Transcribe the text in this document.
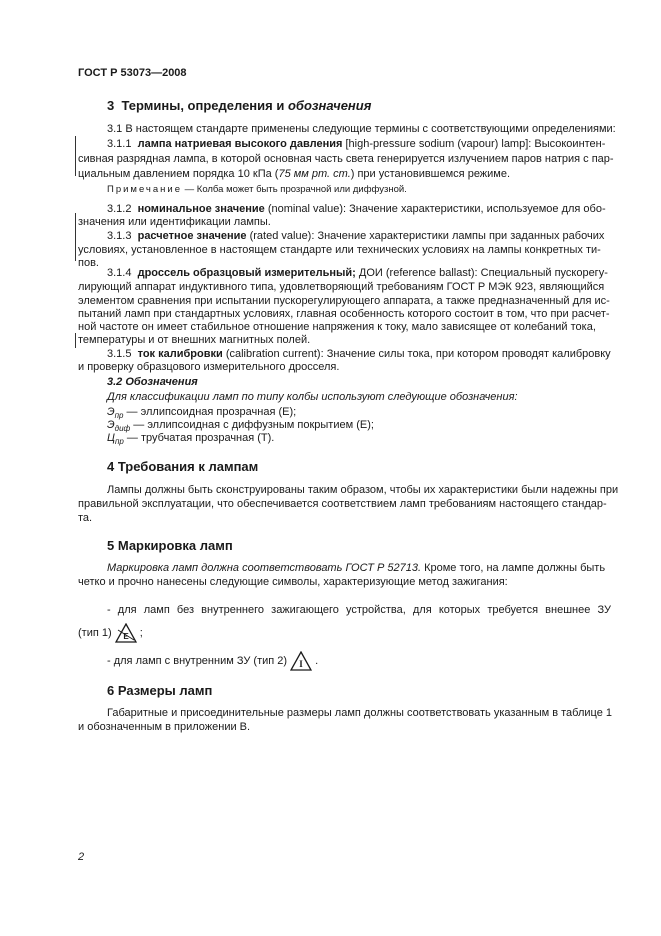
ГОСТ Р 53073—2008
3 Термины, определения и обозначения
3.1 В настоящем стандарте применены следующие термины с соответствующими определениями:
3.1.1 лампа натриевая высокого давления [high-pressure sodium (vapour) lamp]: Высокоинтен-
сивная разрядная лампа, в которой основная часть света генерируется излучением паров натрия с пар-
циальным давлением порядка 10 кПа (75 мм рт. ст.) при установившемся режиме.
Примечание — Колба может быть прозрачной или диффузной.
3.1.2 номинальное значение (nominal value): Значение характеристики, используемое для обо-
значения или идентификации лампы.
3.1.3 расчетное значение (rated value): Значение характеристики лампы при заданных рабочих
условиях, установленное в настоящем стандарте или технических условиях на лампы конкретных ти-
пов.
3.1.4 дроссель образцовый измерительный; ДОИ (reference ballast): Специальный пускорегу-
лирующий аппарат индуктивного типа, удовлетворяющий требованиям ГОСТ Р МЭК 923, являющийся
элементом сравнения при испытании пускорегулирующего аппарата, а также предназначенный для ис-
пытаний ламп при стандартных условиях, главная особенность которого состоит в том, что при расчет-
ной частоте он имеет стабильное отношение напряжения к току, мало зависящее от колебаний тока,
температуры и от внешних магнитных полей.
3.1.5 ток калибровки (calibration current): Значение силы тока, при котором проводят калибровку
и проверку образцового измерительного дросселя.
3.2 Обозначения
Для классификации ламп по типу колбы используют следующие обозначения:
$Э_{пр}$ — эллипсоидная прозрачная (E);
$Э_{диф}$ — эллипсоидная с диффузным покрытием (E);
$Ц_{пр}$ — трубчатая прозрачная (T).
4 Требования к лампам
Лампы должны быть сконструированы таким образом, чтобы их характеристики были надежны при
правильной эксплуатации, что обеспечивается соответствием ламп требованиям настоящего стандар-
та.
5 Маркировка ламп
Маркировка ламп должна соответствовать ГОСТ Р 52713. Кроме того, на лампе должны быть
четко и прочно нанесены следующие символы, характеризующие метод зажигания:
- для ламп без внутреннего зажигающего устройства, для которых требуется внешнее ЗУ
(тип 1) E ;
- для ламп с внутренним ЗУ (тип 2) I .
6 Размеры ламп
Габаритные и присоединительные размеры ламп должны соответствовать указанным в таблице 1
и обозначенным в приложении В.
2
